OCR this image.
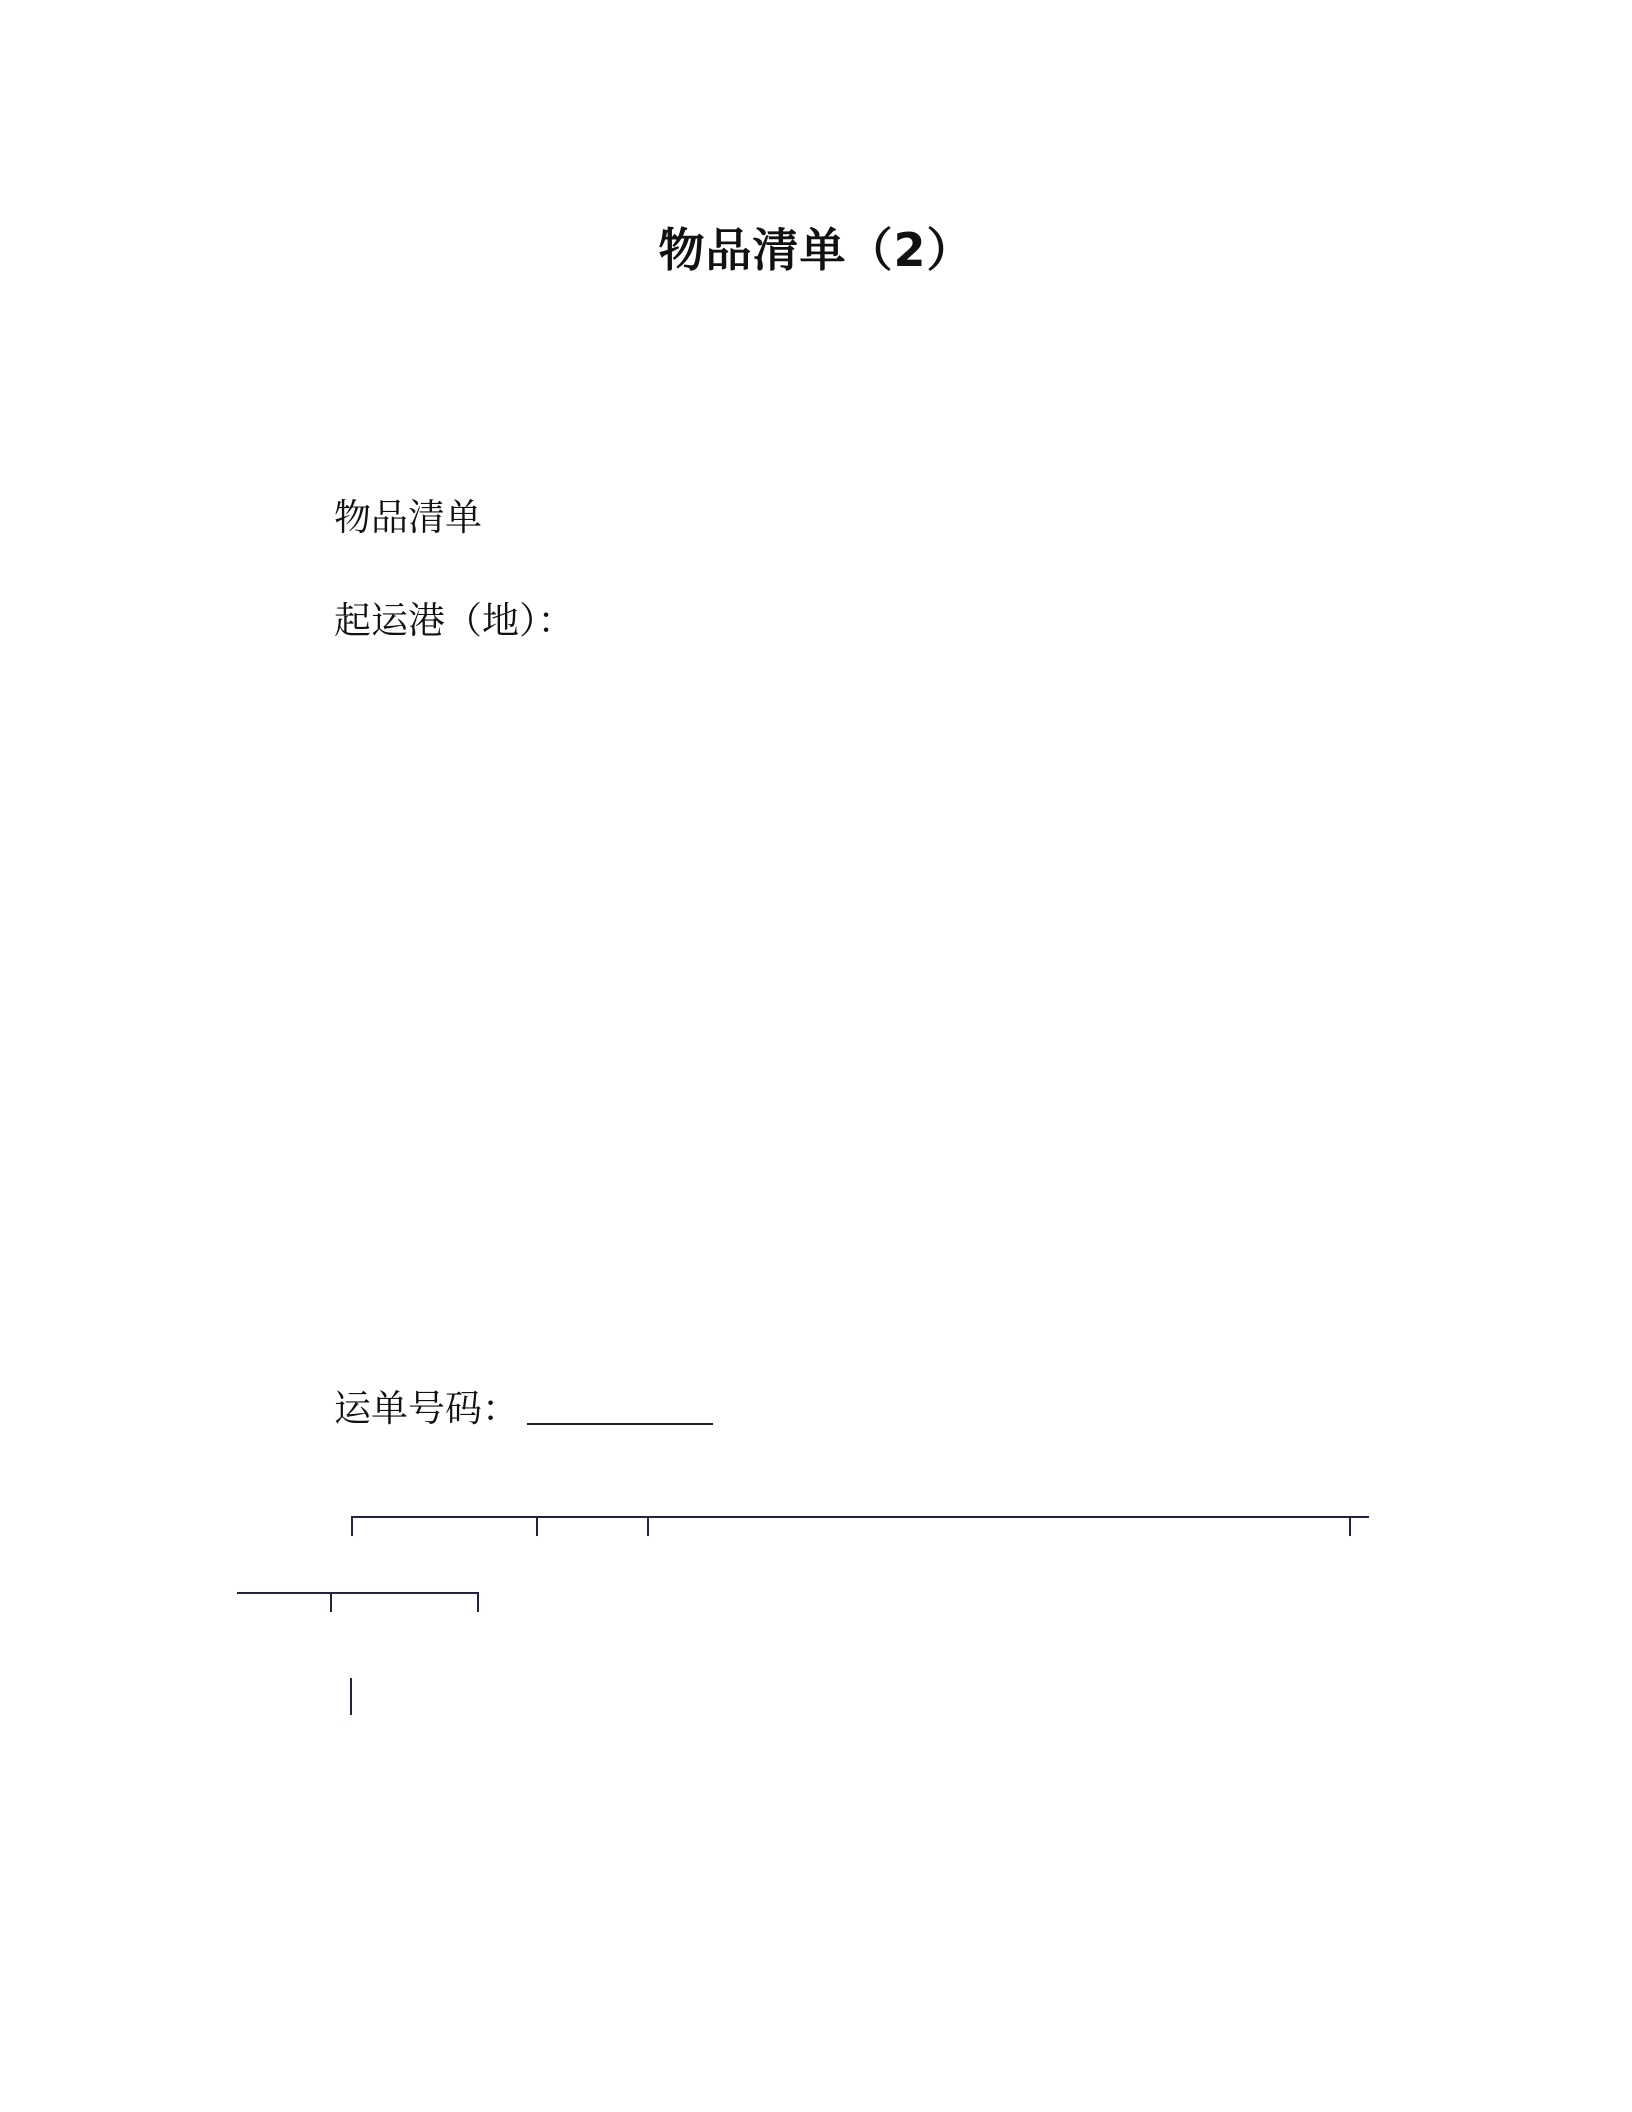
物品清单（2）
物品清单
起运港（地）：
运单号码：
